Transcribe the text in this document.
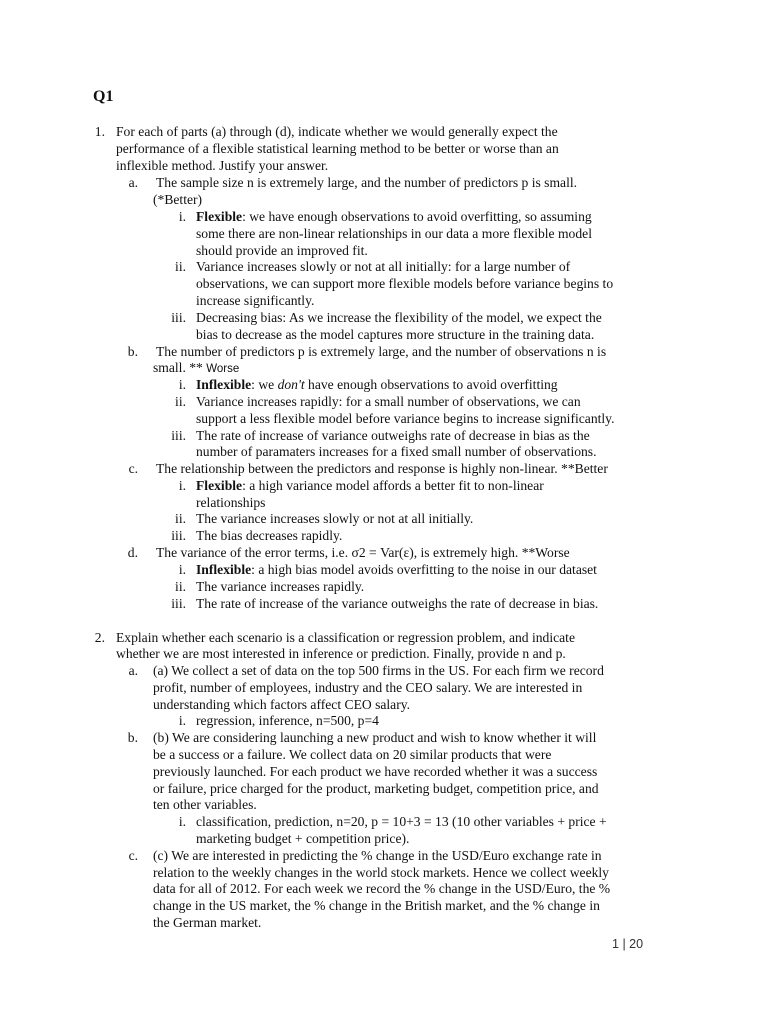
Q1
1. For each of parts (a) through (d), indicate whether we would generally expect the
performance of a flexible statistical learning method to be better or worse than an
inflexible method. Justify your answer.
a. The sample size n is extremely large, and the number of predictors p is small.
(*Better)
i. Flexible: we have enough observations to avoid overfitting, so assuming
some there are non-linear relationships in our data a more flexible model
should provide an improved fit.
ii. Variance increases slowly or not at all initially: for a large number of
observations, we can support more flexible models before variance begins to
increase significantly.
iii. Decreasing bias: As we increase the flexibility of the model, we expect the
bias to decrease as the model captures more structure in the training data.
b. The number of predictors p is extremely large, and the number of observations n is
small. ** Worse
i. Inflexible: we don't have enough observations to avoid overfitting
ii. Variance increases rapidly: for a small number of observations, we can
support a less flexible model before variance begins to increase significantly.
iii. The rate of increase of variance outweighs rate of decrease in bias as the
number of paramaters increases for a fixed small number of observations.
c. The relationship between the predictors and response is highly non-linear. **Better
i. Flexible: a high variance model affords a better fit to non-linear
relationships
ii. The variance increases slowly or not at all initially.
iii. The bias decreases rapidly.
d. The variance of the error terms, i.e. σ2 = Var(ε), is extremely high. **Worse
i. Inflexible: a high bias model avoids overfitting to the noise in our dataset
ii. The variance increases rapidly.
iii. The rate of increase of the variance outweighs the rate of decrease in bias.
2. Explain whether each scenario is a classification or regression problem, and indicate
whether we are most interested in inference or prediction. Finally, provide n and p.
a. (a) We collect a set of data on the top 500 firms in the US. For each firm we record
profit, number of employees, industry and the CEO salary. We are interested in
understanding which factors affect CEO salary.
i. regression, inference, n=500, p=4
b. (b) We are considering launching a new product and wish to know whether it will
be a success or a failure. We collect data on 20 similar products that were
previously launched. For each product we have recorded whether it was a success
or failure, price charged for the product, marketing budget, competition price, and
ten other variables.
i. classification, prediction, n=20, p = 10+3 = 13 (10 other variables + price +
marketing budget + competition price).
c. (c) We are interested in predicting the % change in the USD/Euro exchange rate in
relation to the weekly changes in the world stock markets. Hence we collect weekly
data for all of 2012. For each week we record the % change in the USD/Euro, the %
change in the US market, the % change in the British market, and the % change in
the German market.
1 | 20
